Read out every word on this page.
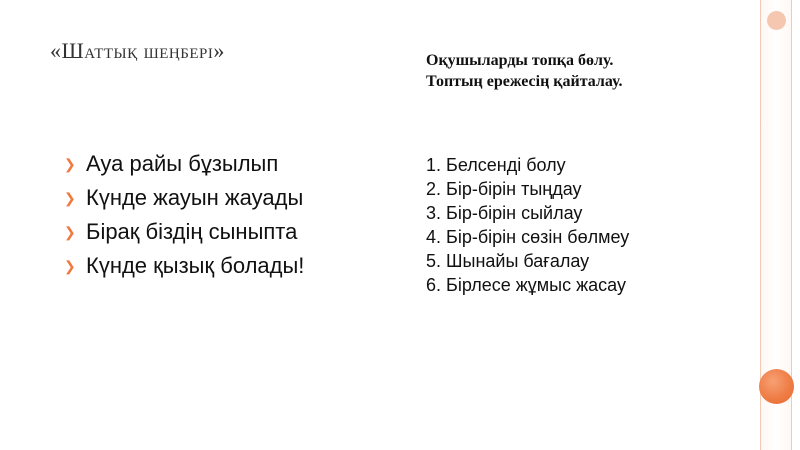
«Шаттық шеңбері»	Оқушыларды топқа бөлу.
Топтың ережесің қайталау.
❯ Ауа райы бұзылып
❯ Күнде жауын жауады
❯ Бірақ біздің сыныпта
❯ Күнде қызық болады!
1. Белсенді болу
2. Бір-бірін тыңдау
3. Бір-бірін сыйлау
4. Бір-бірін сөзін бөлмеу
5. Шынайы бағалау
6. Бірлесе жұмыс жасау
